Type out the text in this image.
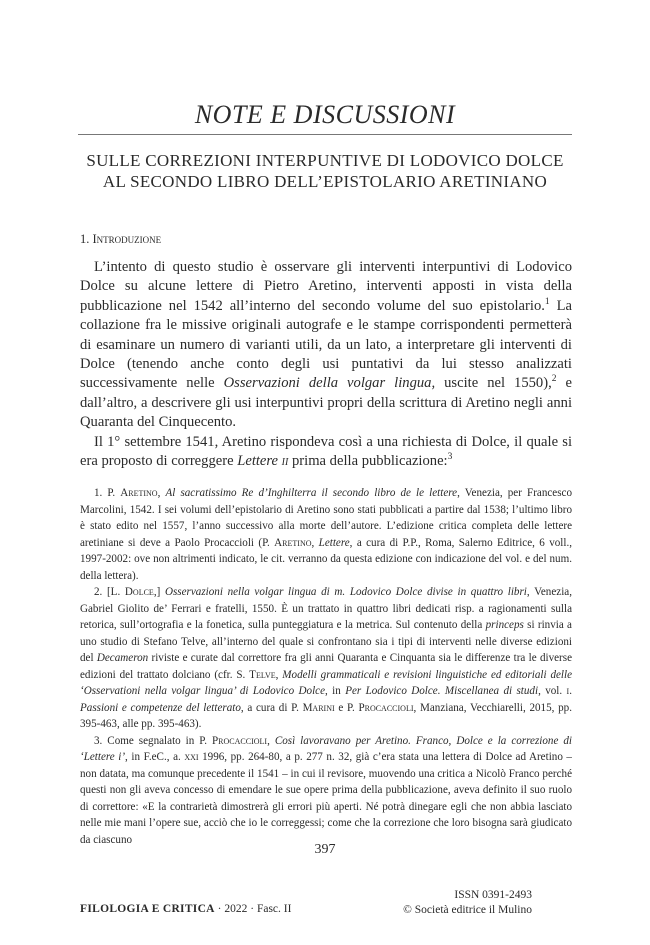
NOTE E DISCUSSIONI
SULLE CORREZIONI INTERPUNTIVE DI LODOVICO DOLCE
AL SECONDO LIBRO DELL’EPISTOLARIO ARETINIANO
1. Introduzione

L’intento di questo studio è osservare gli interventi interpuntivi di Lodovico Dolce su alcune lettere di Pietro Aretino, interventi apposti in vista della pubblicazione nel 1542 all’interno del secondo volume del suo epistolario.$^1$ La collazione fra le missive originali autografe e le stampe corrispondenti permetterà di esaminare un numero di varianti utili, da un lato, a interpretare gli interventi di Dolce (tenendo anche conto degli usi puntativi da lui stesso analizzati successivamente nelle Osservazioni della volgar lingua, uscite nel 1550),$^2$ e dall’altro, a descrivere gli usi interpuntivi propri della scrittura di Aretino negli anni Quaranta del Cinquecento.

Il 1° settembre 1541, Aretino rispondeva così a una richiesta di Dolce, il quale si era proposto di correggere Lettere ii prima della pubblicazione:$^3$

1. P. Aretino, Al sacratissimo Re d’Inghilterra il secondo libro de le lettere, Venezia, per Francesco Marcolini, 1542. I sei volumi dell’epistolario di Aretino sono stati pubblicati a partire dal 1538; l’ultimo libro è stato edito nel 1557, l’anno successivo alla morte dell’autore. L’edizione critica completa delle lettere aretiniane si deve a Paolo Procaccioli (P. Aretino, Lettere, a cura di P.P., Roma, Salerno Editrice, 6 voll., 1997-2002: ove non altrimenti indicato, le cit. verranno da questa edizione con indicazione del vol. e del num. della lettera).

2. [L. Dolce,] Osservazioni nella volgar lingua di m. Lodovico Dolce divise in quattro libri, Venezia, Gabriel Giolito de’ Ferrari e fratelli, 1550. È un trattato in quattro libri dedicati risp. a ragionamenti sulla retorica, sull’ortografia e la fonetica, sulla punteggiatura e la metrica. Sul contenuto della princeps si rinvia a uno studio di Stefano Telve, all’interno del quale si confrontano sia i tipi di interventi nelle diverse edizioni del Decameron riviste e curate dal correttore fra gli anni Quaranta e Cinquanta sia le differenze tra le diverse edizioni del trattato dolciano (cfr. S. Telve, Modelli grammaticali e revisioni linguistiche ed editoriali delle ‘Osservationi nella volgar lingua’ di Lodovico Dolce, in Per Lodovico Dolce. Miscellanea di studi, vol. i. Passioni e competenze del letterato, a cura di P. Marini e P. Procaccioli, Manziana, Vecchiarelli, 2015, pp. 395-463, alle pp. 395-463).

3. Come segnalato in P. Procaccioli, Così lavoravano per Aretino. Franco, Dolce e la correzione di ‘Lettere i’, in F.eC., a. xxi 1996, pp. 264-80, a p. 277 n. 32, già c’era stata una lettera di Dolce ad Aretino – non datata, ma comunque precedente il 1541 – in cui il revisore, muovendo una critica a Nicolò Franco perché questi non gli aveva concesso di emendare le sue opere prima della pubblicazione, aveva definito il suo ruolo di correttore: «E la contrarietà dimostrerà gli errori più aperti. Né potrà dinegare egli che non abbia lasciato nelle mie mani l’opere sue, acciò che io le correggessi; come che la correzione che loro bisogna sarà giudicato da ciascuno

397
ISSN 0391-2493
© Società editrice il Mulino
FILOLOGIA E CRITICA · 2022 · Fasc. II
